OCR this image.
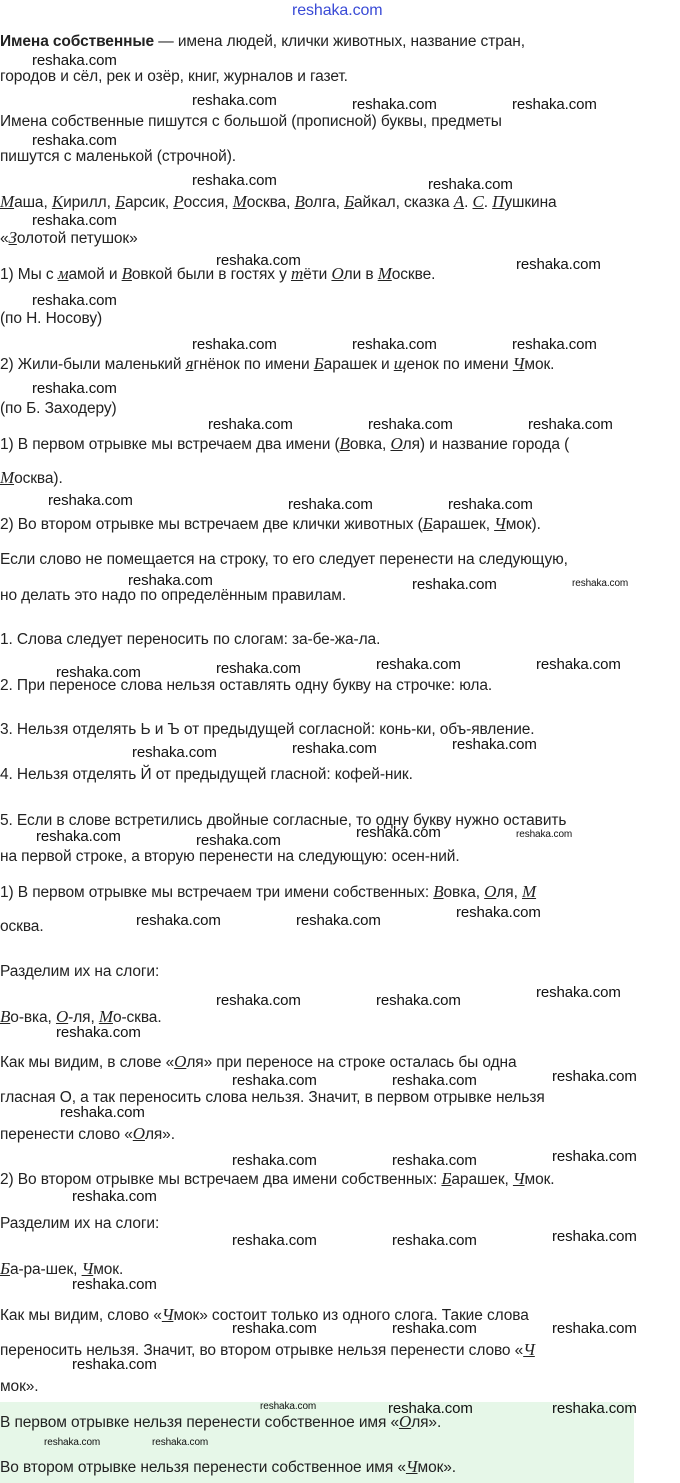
reshaka.com
reshaka.com
reshaka.com	reshaka.com	reshaka.com
reshaka.com
reshaka.com	reshaka.com
reshaka.com
reshaka.com	reshaka.com
reshaka.com
reshaka.com	reshaka.com	reshaka.com
reshaka.com
reshaka.com	reshaka.com	reshaka.com
reshaka.com	reshaka.com	reshaka.com
reshaka.com	reshaka.com	reshaka.com
reshaka.com	reshaka.com	reshaka.com	reshaka.com
reshaka.com	reshaka.com	reshaka.com
reshaka.com	reshaka.com	reshaka.com	reshaka.com
reshaka.com	reshaka.com	reshaka.com
reshaka.com	reshaka.com	reshaka.com
reshaka.com
reshaka.com	reshaka.com	reshaka.com
reshaka.com
reshaka.com	reshaka.com	reshaka.com
reshaka.com
reshaka.com	reshaka.com	reshaka.com
reshaka.com
reshaka.com	reshaka.com	reshaka.com
reshaka.com
reshaka.com	reshaka.com	reshaka.com
reshaka.com	reshaka.com
Имена собственные — имена людей, клички животных, название стран,
городов и сёл, рек и озёр, книг, журналов и газет.
Имена собственные пишутся с большой (прописной) буквы, предметы
пишутся с маленькой (строчной).
Маша, Кирилл, Барсик, Россия, Москва, Волга, Байкал, сказка А. С. Пушкина
«Золотой петушок»
1) Мы с мамой и Вовкой были в гостях у тёти Оли в Москве.
(по Н. Носову)
2) Жили-были маленький ягнёнок по имени Барашек и щенок по имени Чмок.
(по Б. Заходеру)
1) В первом отрывке мы встречаем два имени (Вовка, Оля) и название города (
Москва).
2) Во втором отрывке мы встречаем две клички животных (Барашек, Чмок).
Если слово не помещается на строку, то его следует перенести на следующую,
но делать это надо по определённым правилам.
1. Слова следует переносить по слогам: за-бе-жа-ла.
2. При переносе слова нельзя оставлять одну букву на строчке: юла.
3. Нельзя отделять Ь и Ъ от предыдущей согласной: конь-ки, объ-явление.
4. Нельзя отделять Й от предыдущей гласной: кофей-ник.
5. Если в слове встретились двойные согласные, то одну букву нужно оставить
на первой строке, а вторую перенести на следующую: осен-ний.
1) В первом отрывке мы встречаем три имени собственных: Вовка, Оля, М
осква.
Разделим их на слоги:
Во-вка, О-ля, Мо-сква.
Как мы видим, в слове «Оля» при переносе на строке осталась бы одна
гласная О, а так переносить слова нельзя. Значит, в первом отрывке нельзя
перенести слово «Оля».
2) Во втором отрывке мы встречаем два имени собственных: Барашек, Чмок.
Разделим их на слоги:
Ба-ра-шек, Чмок.
Как мы видим, слово «Чмок» состоит только из одного слога. Такие слова
переносить нельзя. Значит, во втором отрывке нельзя перенести слово «Ч
мок».
В первом отрывке нельзя перенести собственное имя «Оля».
Во втором отрывке нельзя перенести собственное имя «Чмок».
